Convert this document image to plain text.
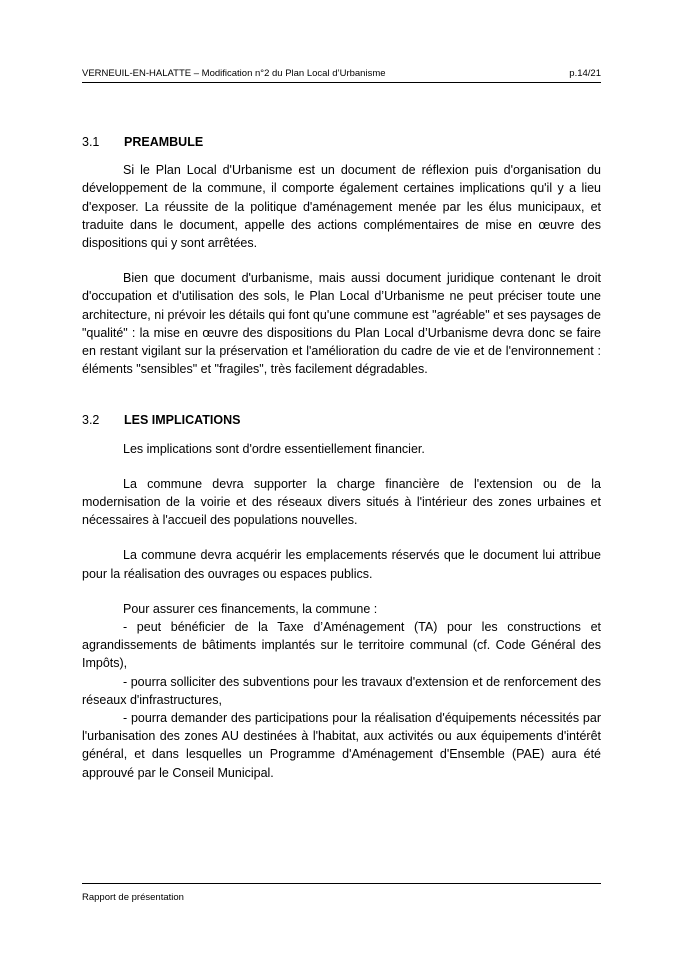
VERNEUIL-EN-HALATTE – Modification n°2 du Plan Local d’Urbanisme	p.14/21
3.1	PREAMBULE

Si le Plan Local d'Urbanisme est un document de réflexion puis d'organisation du développement de la commune, il comporte également certaines implications qu'il y a lieu d'exposer. La réussite de la politique d'aménagement menée par les élus municipaux, et traduite dans le document, appelle des actions complémentaires de mise en œuvre des dispositions qui y sont arrêtées.

Bien que document d'urbanisme, mais aussi document juridique contenant le droit d'occupation et d'utilisation des sols, le Plan Local d’Urbanisme ne peut préciser toute une architecture, ni prévoir les détails qui font qu'une commune est "agréable" et ses paysages de "qualité" : la mise en œuvre des dispositions du Plan Local d’Urbanisme devra donc se faire en restant vigilant sur la préservation et l'amélioration du cadre de vie et de l'environnement : éléments "sensibles" et "fragiles", très facilement dégradables.

3.2	LES IMPLICATIONS

Les implications sont d'ordre essentiellement financier.

La commune devra supporter la charge financière de l'extension ou de la modernisation de la voirie et des réseaux divers situés à l'intérieur des zones urbaines et nécessaires à l'accueil des populations nouvelles.

La commune devra acquérir les emplacements réservés que le document lui attribue pour la réalisation des ouvrages ou espaces publics.

Pour assurer ces financements, la commune :

- peut bénéficier de la Taxe d’Aménagement (TA) pour les constructions et agrandissements de bâtiments implantés sur le territoire communal (cf. Code Général des Impôts),

- pourra solliciter des subventions pour les travaux d'extension et de renforcement des réseaux d'infrastructures,

- pourra demander des participations pour la réalisation d'équipements nécessités par l'urbanisation des zones AU destinées à l'habitat, aux activités ou aux équipements d'intérêt général, et dans lesquelles un Programme d'Aménagement d'Ensemble (PAE) aura été approuvé par le Conseil Municipal.

Rapport de présentation
